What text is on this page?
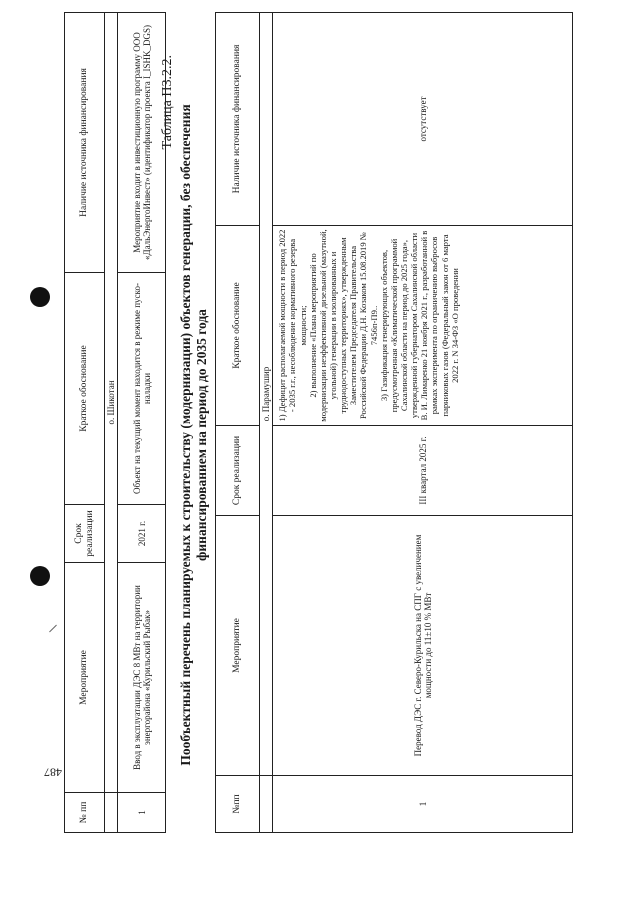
487
№ пп	Мероприятие	Срок реализации	Краткое обоснование	Наличие источника финансирования
	о. Шикотан			
1	Ввод в эксплуатации ДЭС 8 МВт на территории энергорайона «Курильский Рыбак»	2021 г.	Объект на текущий момент находится в режиме пуско-наладки	Мероприятие входит в инвестиционную программу ООО «ДальЭнергоИнвест» (идентификатор проекта I_ISHK_DGS) Таблица П3.2.2.
Пообъектный перечень планируемых к строительству (модернизации) объектов генерации, без обеспечения финансированием на период до 2035 года
№пп	Мероприятие	Срок реализации	Краткое обоснование	Наличие источника финансирования
	о. Парамушир			
1	Перевод ДЭС г. Северо-Курильска на СПГ с увеличением мощности до 11±10 % МВт	III квартал 2025 г.	1) Дефицит располагаемой мощности в период 2022 - 2035 г.г., несоблюдение нормативного резерва мощности;
2) выполнение «Плана мероприятий по модернизации неэффективной дизельной (мазутной, угольной) генерации в изолированных и труднодоступных территориях», утвержденным Заместителем Председателя Правительства Российской Федерации Д.Н. Козаком 15.08.2019 № 7456п-П9..
3) Газификация генерирующих объектов, предусмотренная «Климатической программой Сахалинской области на период до 2025 года», утвержденной губернатором Сахалинской области В. И. Лимаренко 21 ноября 2021 г., разработанной в рамках эксперимента по ограничению выбросов парниковых газов (Федеральный закон от 6 марта 2022 г. N 34-ФЗ «О проведении	отсутствует
